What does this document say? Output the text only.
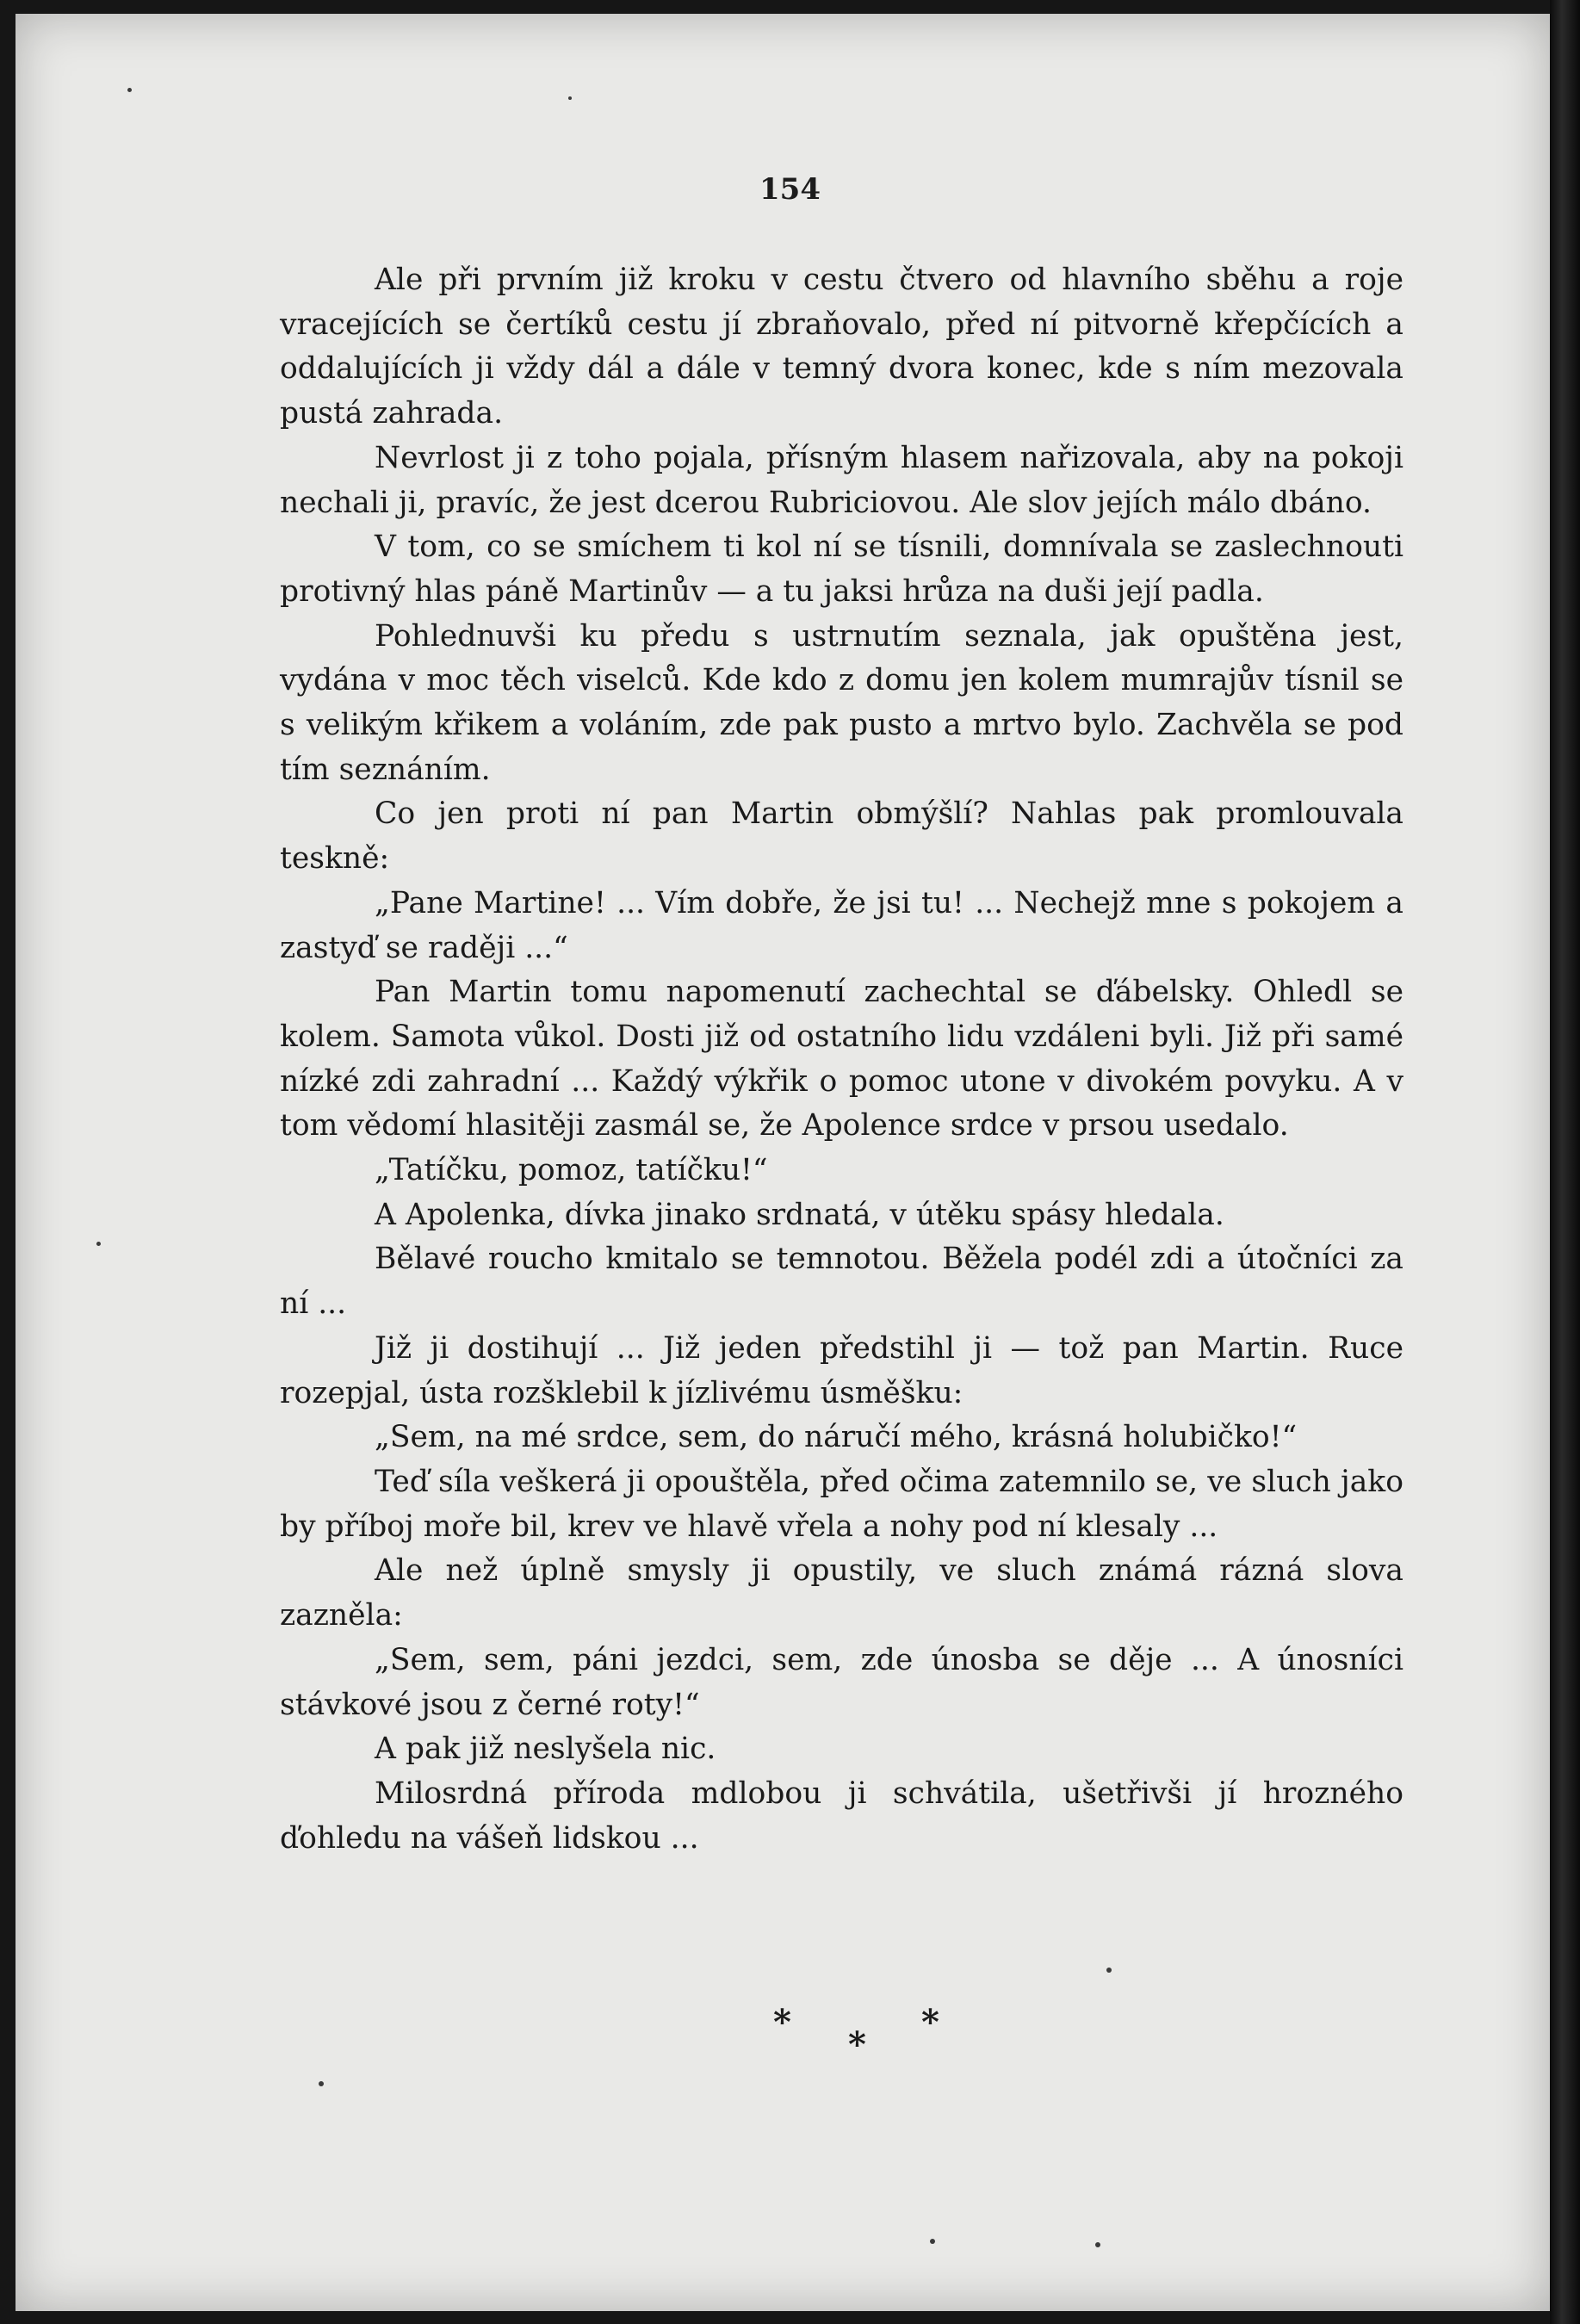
154

Ale při prvním již kroku v cestu čtvero od hlavního sběhu a roje vracejících se čertíků cestu jí zbraňovalo, před ní pitvorně křepčících a oddalujících ji vždy dál a dále v temný dvora konec, kde s ním mezovala pustá zahrada.

Nevrlost ji z toho pojala, přísným hlasem nařizovala, aby na pokoji nechali ji, pravíc, že jest dcerou Rubriciovou. Ale slov jejích málo dbáno.

V tom, co se smíchem ti kol ní se tísnili, domnívala se zaslechnouti protivný hlas páně Martinův — a tu jaksi hrůza na duši její padla.

Pohlednuvši ku předu s ustrnutím seznala, jak opuštěna jest, vydána v moc těch viselců. Kde kdo z domu jen kolem mumrajův tísnil se s velikým křikem a voláním, zde pak pusto a mrtvo bylo. Zachvěla se pod tím seznáním.

Co jen proti ní pan Martin obmýšlí? Nahlas pak promlouvala teskně:

„Pane Martine! ... Vím dobře, že jsi tu! ... Nechejž mne s pokojem a zastyď se raději ...“

Pan Martin tomu napomenutí zachechtal se ďábelsky. Ohledl se kolem. Samota vůkol. Dosti již od ostatního lidu vzdáleni byli. Již při samé nízké zdi zahradní ... Každý výkřik o pomoc utone v divokém povyku. A v tom vědomí hlasitěji zasmál se, že Apolence srdce v prsou usedalo.

„Tatíčku, pomoz, tatíčku!“

A Apolenka, dívka jinako srdnatá, v útěku spásy hledala.

Bělavé roucho kmitalo se temnotou. Běžela podél zdi a útočníci za ní ...

Již ji dostihují ... Již jeden předstihl ji — tož pan Martin. Ruce rozepjal, ústa rozšklebil k jízlivému úsměšku:

„Sem, na mé srdce, sem, do náručí mého, krásná holubičko!“

Teď síla veškerá ji opouštěla, před očima zatemnilo se, ve sluch jako by příboj moře bil, krev ve hlavě vřela a nohy pod ní klesaly ...

Ale než úplně smysly ji opustily, ve sluch známá rázná slova zazněla:

„Sem, sem, páni jezdci, sem, zde únosba se děje ... A únosníci stávkové jsou z černé roty!“

A pak již neslyšela nic.

Milosrdná příroda mdlobou ji schvátila, ušetřivši jí hrozného ďohledu na vášeň lidskou ...

*
*
*
